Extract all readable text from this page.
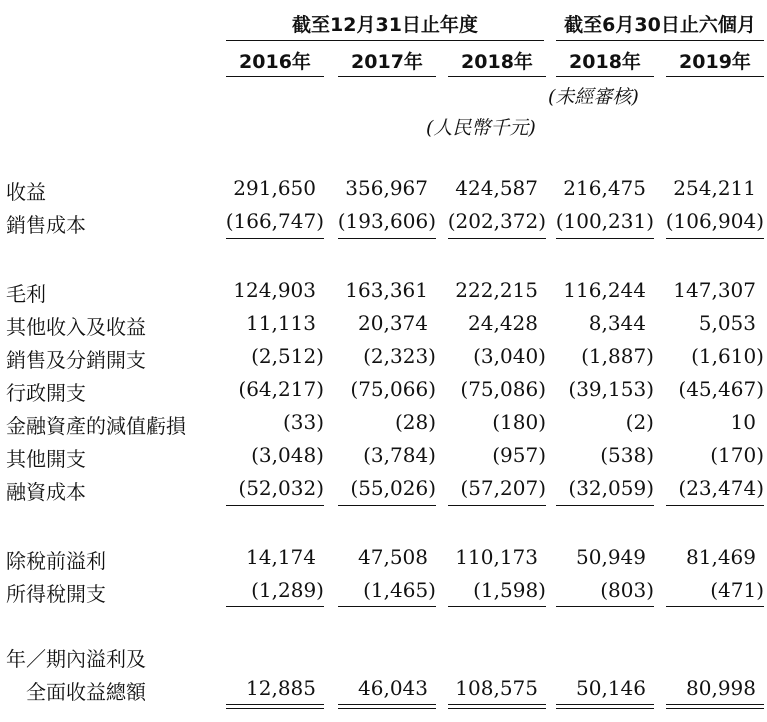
截至12月31日止年度	截至6月30日止六個月
2016年	2017年	2018年	2018年	2019年
(未經審核)
(人民幣千元)
收益	291,650	356,967	424,587	216,475	254,211
銷售成本	(166,747) (193,606) (202,372) (100,231) (106,904)
毛利	124,903	163,361	222,215	116,244	147,307
其他收入及收益	11,113	20,374	24,428	8,344	5,053
銷售及分銷開支	(2,512)	(2,323)	(3,040)	(1,887)	(1,610)
行政開支	(64,217)	(75,066)	(75,086)	(39,153)	(45,467)
金融資產的減值虧損	(33)	(28)	(180)	(2)	10
其他開支	(3,048)	(3,784)	(957)	(538)	(170)
融資成本	(52,032)	(55,026)	(57,207)	(32,059)	(23,474)
除稅前溢利	14,174	47,508	110,173	50,949	81,469
所得稅開支	(1,289)	(1,465)	(1,598)	(803)	(471)
年／期內溢利及
全面收益總額	12,885	46,043	108,575	50,146	80,998
